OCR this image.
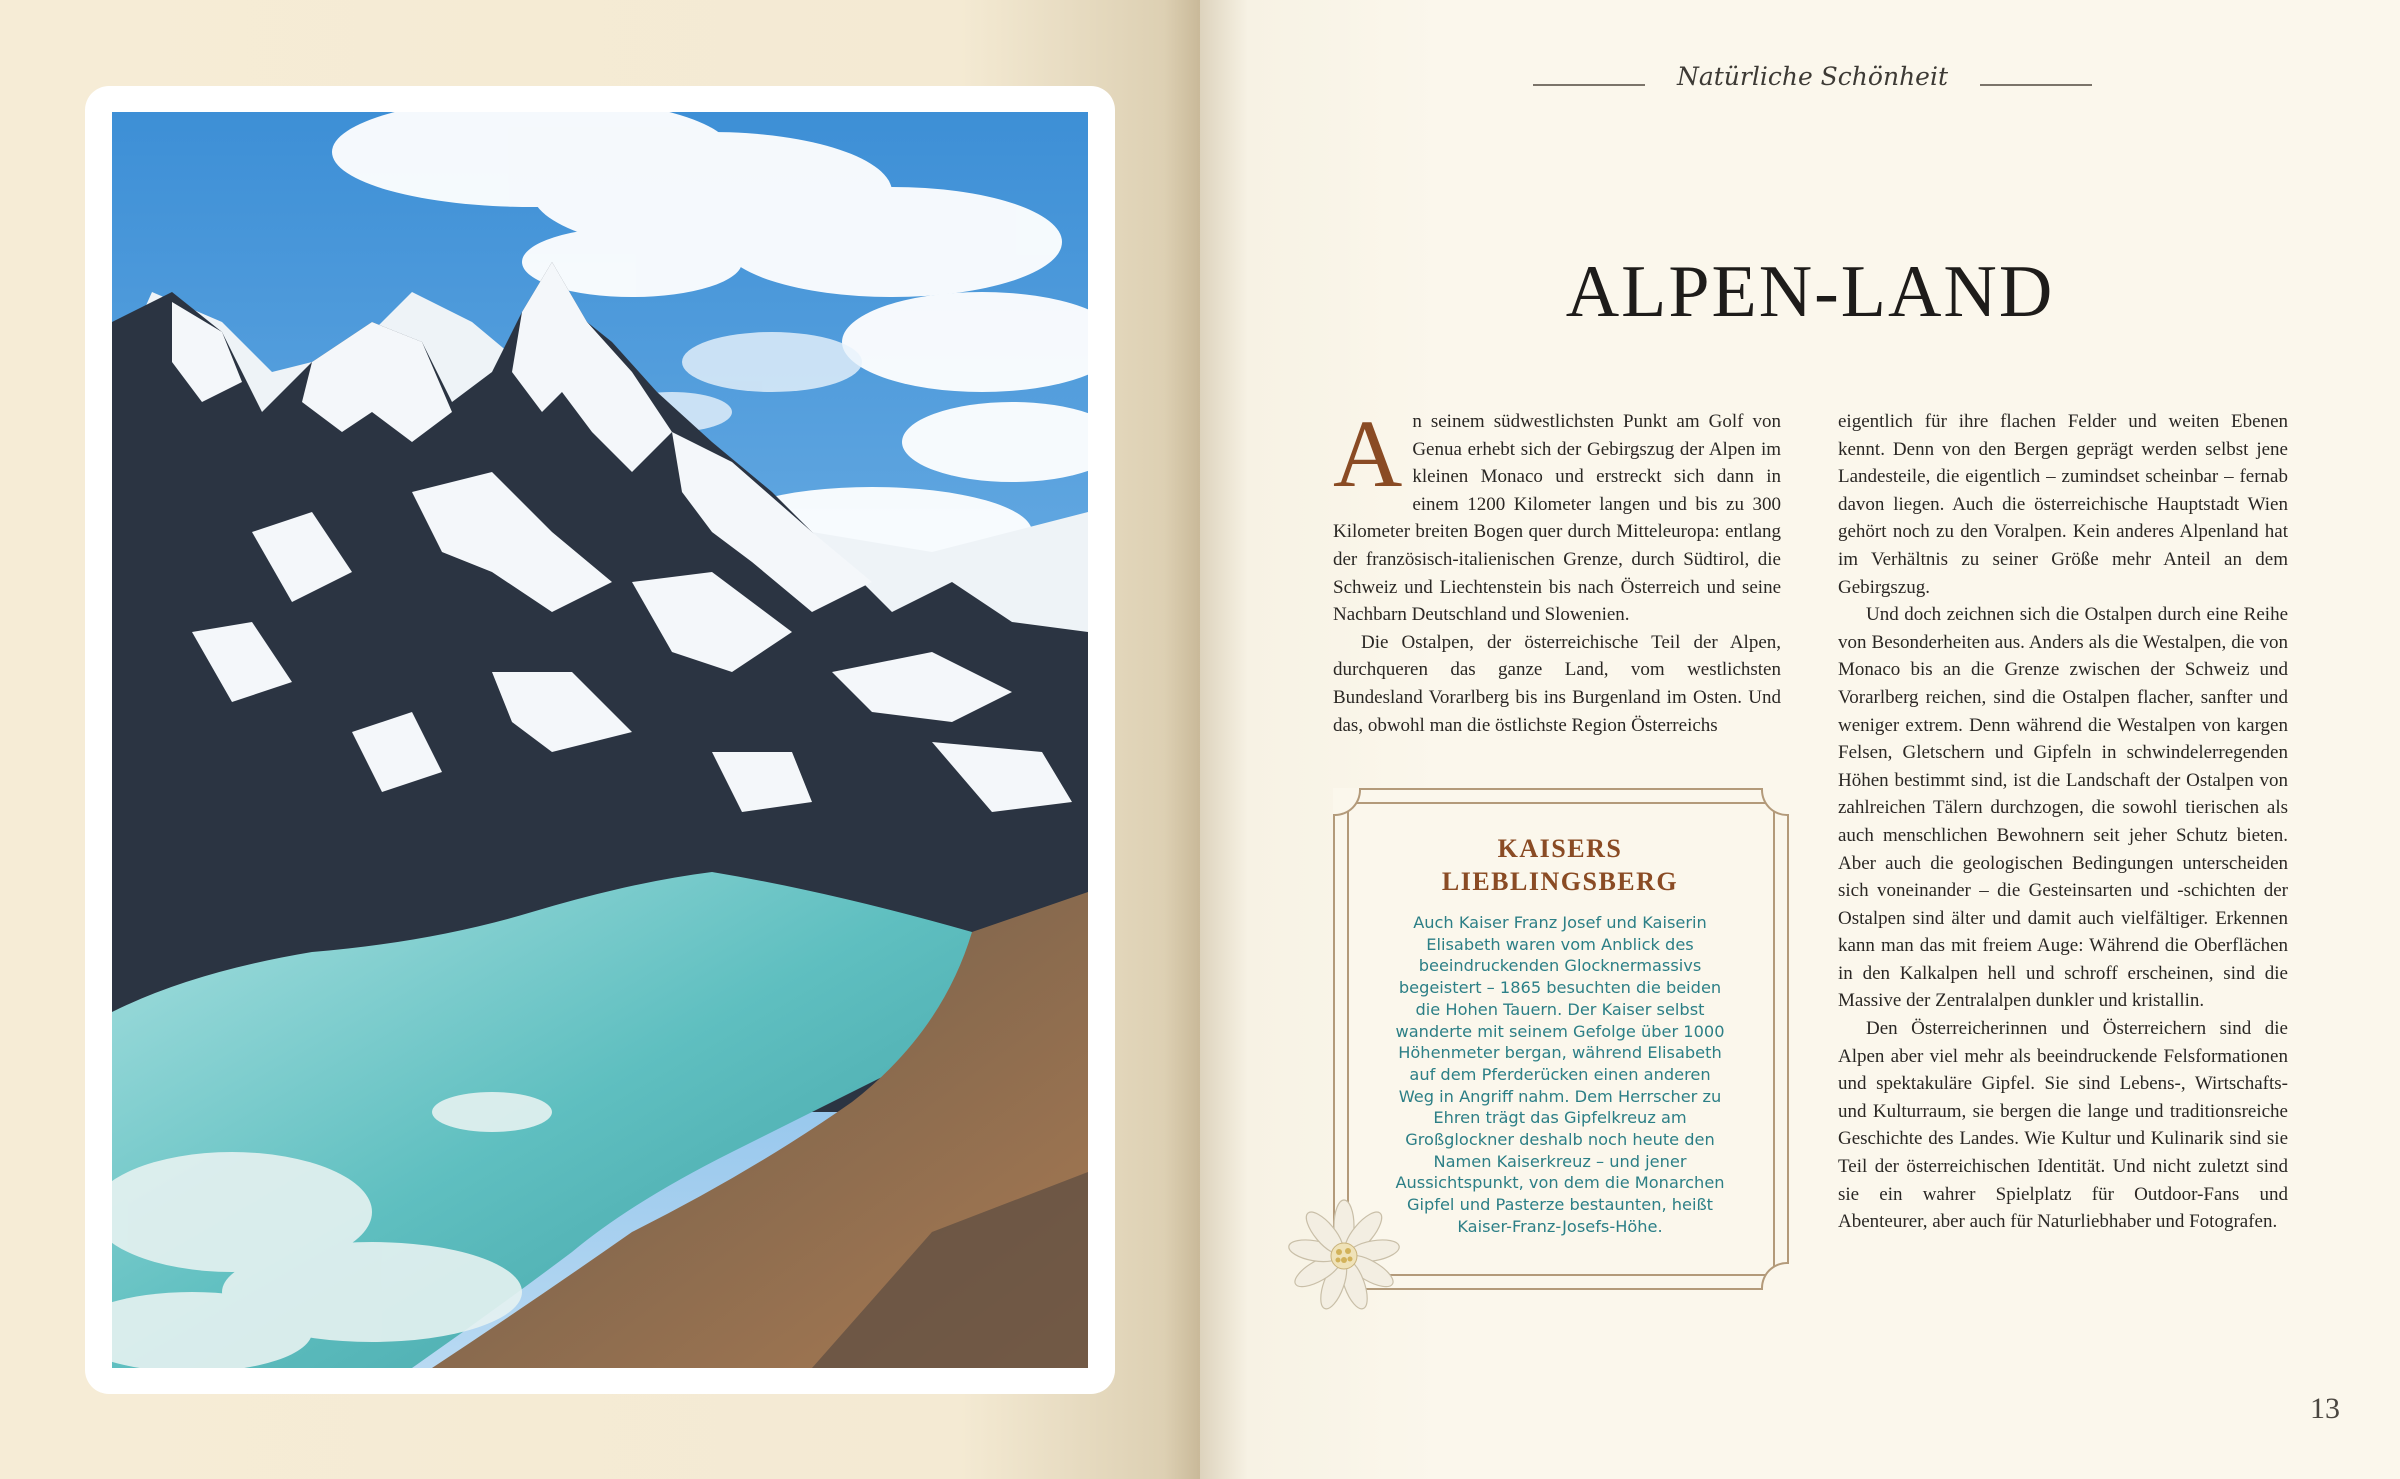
Natürliche Schönheit
ALPEN-LAND

An seinem südwestlichsten Punkt am Golf von Genua erhebt sich der Gebirgszug der Alpen im kleinen Monaco und erstreckt sich dann in einem 1200 Kilometer langen und bis zu 300 Kilometer breiten Bogen quer durch Mitteleuropa: entlang der französisch-italienischen Grenze, durch Südtirol, die Schweiz und Liechtenstein bis nach Österreich und seine Nachbarn Deutschland und Slowenien.

Die Ostalpen, der österreichische Teil der Alpen, durchqueren das ganze Land, vom westlichsten Bundesland Vorarlberg bis ins Burgenland im Osten. Und das, obwohl man die östlichste Region Österreichs

eigentlich für ihre flachen Felder und weiten Ebenen kennt. Denn von den Bergen geprägt werden selbst jene Landesteile, die eigentlich – zumindset scheinbar – fernab davon liegen. Auch die österreichische Hauptstadt Wien gehört noch zu den Voralpen. Kein anderes Alpenland hat im Verhältnis zu seiner Größe mehr Anteil an dem Gebirgszug.

Und doch zeichnen sich die Ostalpen durch eine Reihe von Besonderheiten aus. Anders als die Westalpen, die von Monaco bis an die Grenze zwischen der Schweiz und Vorarlberg reichen, sind die Ostalpen flacher, sanfter und weniger extrem. Denn während die Westalpen von kargen Felsen, Gletschern und Gipfeln in schwindelerregenden Höhen bestimmt sind, ist die Landschaft der Ostalpen von zahlreichen Tälern durchzogen, die sowohl tierischen als auch menschlichen Bewohnern seit jeher Schutz bieten. Aber auch die geologischen Bedingungen unterscheiden sich voneinander – die Gesteinsarten und -schichten der Ostalpen sind älter und damit auch vielfältiger. Erkennen kann man das mit freiem Auge: Während die Oberflächen in den Kalkalpen hell und schroff erscheinen, sind die Massive der Zentralalpen dunkler und kristallin.

Den Österreicherinnen und Österreichern sind die Alpen aber viel mehr als beeindruckende Felsformationen und spektakuläre Gipfel. Sie sind Lebens-, Wirtschafts- und Kulturraum, sie bergen die lange und traditionsreiche Geschichte des Landes. Wie Kultur und Kulinarik sind sie Teil der österreichischen Identität. Und nicht zuletzt sind sie ein wahrer Spielplatz für Outdoor-Fans und Abenteurer, aber auch für Naturliebhaber und Fotografen.

KAISERS
LIEBLINGSBERG
Auch Kaiser Franz Josef und Kaiserin Elisabeth waren vom Anblick des beeindruckenden Glocknermassivs begeistert – 1865 besuchten die beiden die Hohen Tauern. Der Kaiser selbst wanderte mit seinem Gefolge über 1000 Höhenmeter bergan, während Elisabeth auf dem Pferderücken einen anderen Weg in Angriff nahm. Dem Herrscher zu Ehren trägt das Gipfelkreuz am Großglockner deshalb noch heute den Namen Kaiserkreuz – und jener Aussichtspunkt, von dem die Monarchen Gipfel und Pasterze bestaunten, heißt Kaiser-Franz-Josefs-Höhe.
13
